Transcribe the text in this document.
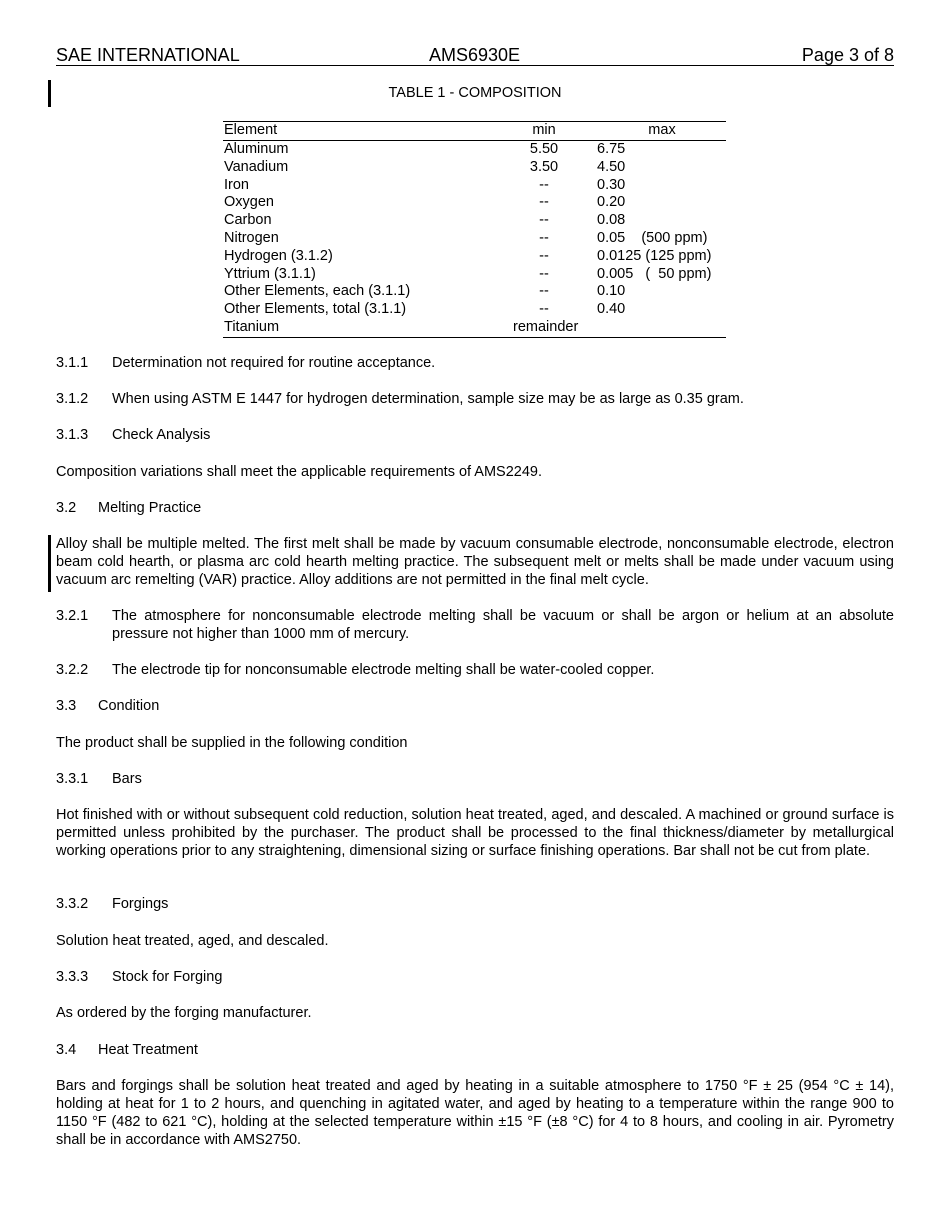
SAE INTERNATIONAL	AMS6930E	Page 3 of 8
TABLE 1 - COMPOSITION
Element	min	max
Aluminum	5.50	6.75
Vanadium	3.50	4.50
Iron	--	0.30
Oxygen	--	0.20
Carbon	--	0.08
Nitrogen	--	0.05    (500 ppm)
Hydrogen (3.1.2)	--	0.0125 (125 ppm)
Yttrium (3.1.1)	--	0.005   (  50 ppm)
Other Elements, each (3.1.1)	--	0.10
Other Elements, total (3.1.1)	--	0.40
Titanium	remainder
3.1.1 Determination not required for routine acceptance.
3.1.2 When using ASTM E 1447 for hydrogen determination, sample size may be as large as 0.35 gram.
3.1.3 Check Analysis
Composition variations shall meet the applicable requirements of AMS2249.
3.2 Melting Practice
Alloy shall be multiple melted. The first melt shall be made by vacuum consumable electrode, nonconsumable electrode, electron beam cold hearth, or plasma arc cold hearth melting practice. The subsequent melt or melts shall be made under vacuum using vacuum arc remelting (VAR) practice. Alloy additions are not permitted in the final melt cycle.
3.2.1 The atmosphere for nonconsumable electrode melting shall be vacuum or shall be argon or helium at an absolute pressure not higher than 1000 mm of mercury.
3.2.2 The electrode tip for nonconsumable electrode melting shall be water-cooled copper.
3.3 Condition
The product shall be supplied in the following condition
3.3.1 Bars
Hot finished with or without subsequent cold reduction, solution heat treated, aged, and descaled. A machined or ground surface is permitted unless prohibited by the purchaser. The product shall be processed to the final thickness/diameter by metallurgical working operations prior to any straightening, dimensional sizing or surface finishing operations. Bar shall not be cut from plate.
3.3.2 Forgings
Solution heat treated, aged, and descaled.
3.3.3 Stock for Forging
As ordered by the forging manufacturer.
3.4 Heat Treatment
Bars and forgings shall be solution heat treated and aged by heating in a suitable atmosphere to 1750 °F ± 25 (954 °C ± 14), holding at heat for 1 to 2 hours, and quenching in agitated water, and aged by heating to a temperature within the range 900 to 1150 °F (482 to 621 °C), holding at the selected temperature within ±15 °F (±8 °C) for 4 to 8 hours, and cooling in air. Pyrometry shall be in accordance with AMS2750.
